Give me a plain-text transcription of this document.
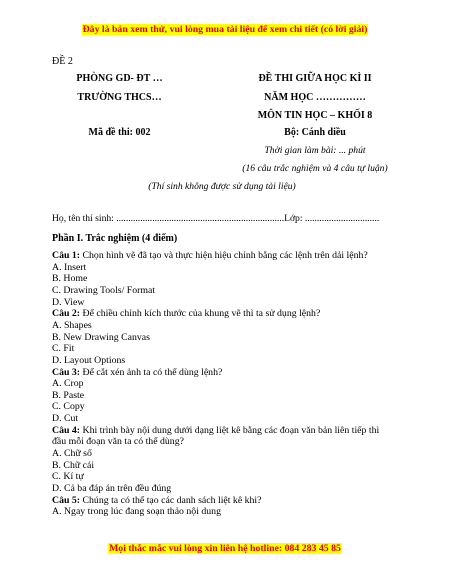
Đây là bản xem thử, vui lòng mua tài liệu để xem chi tiết (có lời giải)
ĐỀ 2
PHÒNG GD- ĐT …
TRƯỜNG THCS…
Mã đề thi: 002
ĐỀ THI GIỮA HỌC KÌ II
NĂM HỌC ……………
MÔN TIN HỌC – KHỐI 8
Bộ: Cánh diều
Thời gian làm bài: ... phút
(16 câu trắc nghiệm và 4 câu tự luận)
(Thí sinh không được sử dụng tài liệu)
Họ, tên thí sinh: ......................................................................Lớp: ...............................
Phần I. Trắc nghiệm (4 điểm)
Câu 1: Chọn hình vẽ đã tạo và thực hiện hiệu chỉnh bằng các lệnh trên dải lệnh?
A. Insert
B. Home
C. Drawing Tools/ Format
D. View
Câu 2: Để chiều chỉnh kích thước của khung vẽ thì ta sử dụng lệnh?
A. Shapes
B. New Drawing Canvas
C. Fit
D. Layout Options
Câu 3: Để cắt xén ảnh ta có thể dùng lệnh?
A. Crop
B. Paste
C. Copy
D. Cut
Câu 4: Khi trình bày nội dung dưới dạng liệt kê bằng các đoạn văn bản liên tiếp thì
đầu mỗi đoạn văn ta có thể dùng?
A. Chữ số
B. Chữ cái
C. Kí tự
D. Cả ba đáp án trên đều đúng
Câu 5: Chúng ta có thể tạo các danh sách liệt kê khi?
A. Ngay trong lúc đang soạn thảo nội dung
Mọi thắc mắc vui lòng xin liên hệ hotline: 084 283 45 85
